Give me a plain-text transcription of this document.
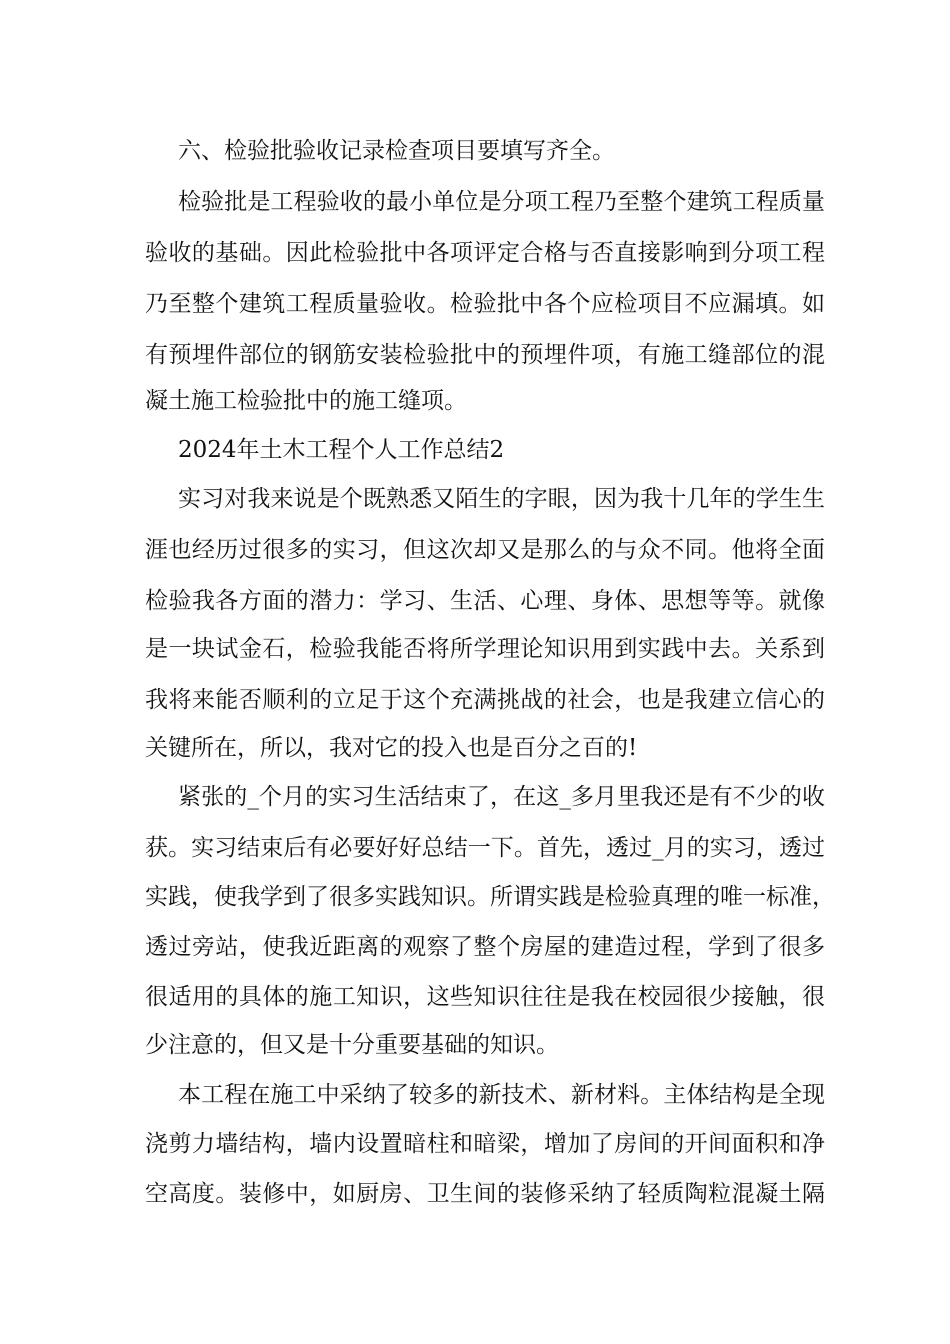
六、检验批验收记录检查项目要填写齐全。
检验批是工程验收的最小单位是分项工程乃至整个建筑工程质量
验收的基础。因此检验批中各项评定合格与否直接影响到分项工程
乃至整个建筑工程质量验收。检验批中各个应检项目不应漏填。如
有预埋件部位的钢筋安装检验批中的预埋件项，有施工缝部位的混
凝土施工检验批中的施工缝项。
2024年土木工程个人工作总结2
实习对我来说是个既熟悉又陌生的字眼，因为我十几年的学生生
涯也经历过很多的实习，但这次却又是那么的与众不同。他将全面
检验我各方面的潜力：学习、生活、心理、身体、思想等等。就像
是一块试金石，检验我能否将所学理论知识用到实践中去。关系到
我将来能否顺利的立足于这个充满挑战的社会，也是我建立信心的
关键所在，所以，我对它的投入也是百分之百的!
紧张的_个月的实习生活结束了，在这_多月里我还是有不少的收
获。实习结束后有必要好好总结一下。首先，透过_月的实习，透过
实践，使我学到了很多实践知识。所谓实践是检验真理的唯一标准，
透过旁站，使我近距离的观察了整个房屋的建造过程，学到了很多
很适用的具体的施工知识，这些知识往往是我在校园很少接触，很
少注意的，但又是十分重要基础的知识。
本工程在施工中采纳了较多的新技术、新材料。主体结构是全现
浇剪力墙结构，墙内设置暗柱和暗梁，增加了房间的开间面积和净
空高度。装修中，如厨房、卫生间的装修采纳了轻质陶粒混凝土隔
